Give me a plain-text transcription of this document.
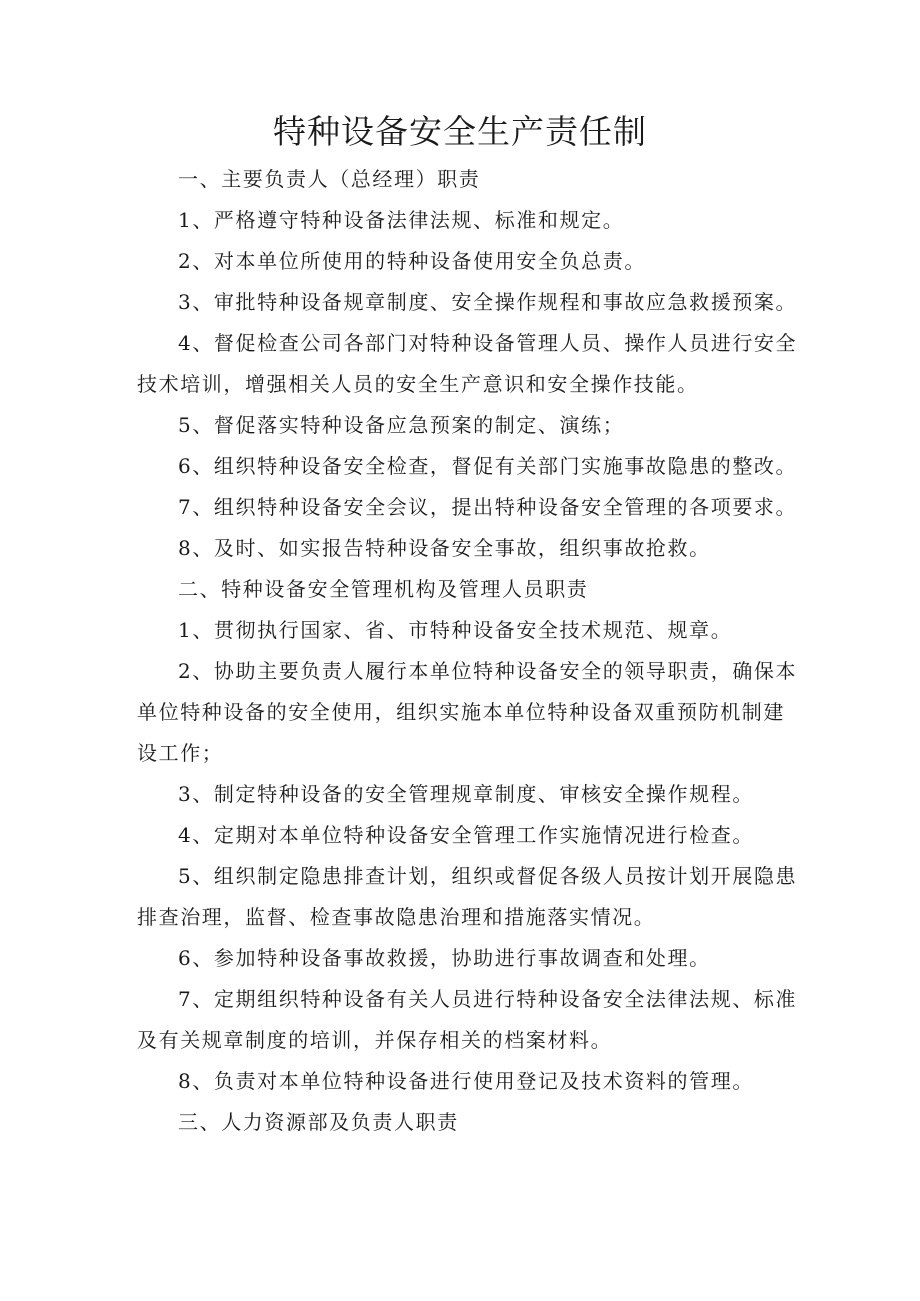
特种设备安全生产责任制
一、主要负责人（总经理）职责
1、严格遵守特种设备法律法规、标准和规定。
2、对本单位所使用的特种设备使用安全负总责。
3、审批特种设备规章制度、安全操作规程和事故应急救援预案。
4、督促检查公司各部门对特种设备管理人员、操作人员进行安全
技术培训，增强相关人员的安全生产意识和安全操作技能。
5、督促落实特种设备应急预案的制定、演练；
6、组织特种设备安全检查，督促有关部门实施事故隐患的整改。
7、组织特种设备安全会议，提出特种设备安全管理的各项要求。
8、及时、如实报告特种设备安全事故，组织事故抢救。
二、特种设备安全管理机构及管理人员职责
1、贯彻执行国家、省、市特种设备安全技术规范、规章。
2、协助主要负责人履行本单位特种设备安全的领导职责，确保本
单位特种设备的安全使用，组织实施本单位特种设备双重预防机制建
设工作；
3、制定特种设备的安全管理规章制度、审核安全操作规程。
4、定期对本单位特种设备安全管理工作实施情况进行检查。
5、组织制定隐患排查计划，组织或督促各级人员按计划开展隐患
排查治理，监督、检查事故隐患治理和措施落实情况。
6、参加特种设备事故救援，协助进行事故调查和处理。
7、定期组织特种设备有关人员进行特种设备安全法律法规、标准
及有关规章制度的培训，并保存相关的档案材料。
8、负责对本单位特种设备进行使用登记及技术资料的管理。
三、人力资源部及负责人职责
